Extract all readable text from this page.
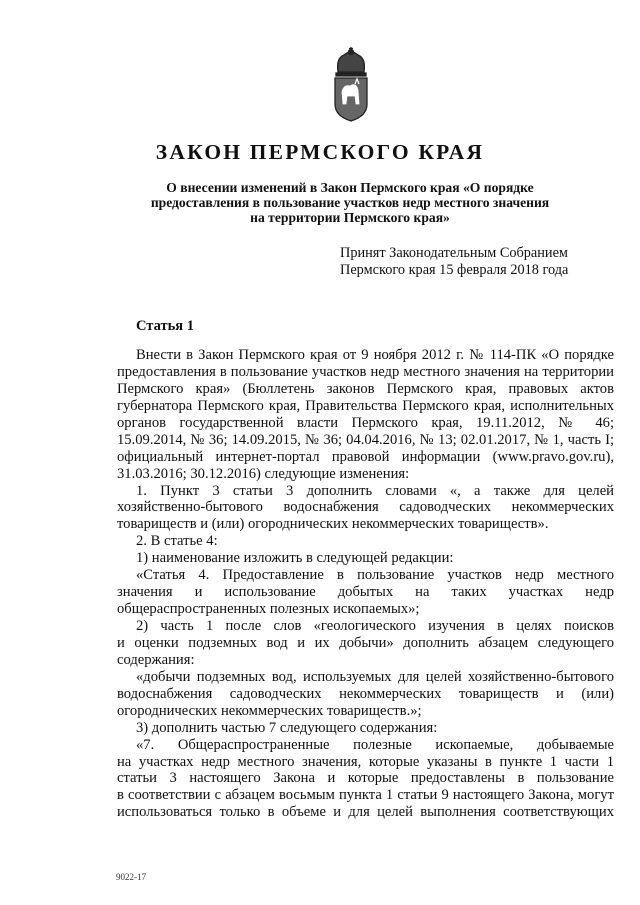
ЗАКОН ПЕРМСКОГО КРАЯ
О внесении изменений в Закон Пермского края «О порядке
предоставления в пользование участков недр местного значения
на территории Пермского края»
Принят Законодательным Собранием
Пермского края 15 февраля 2018 года
Статья 1
Внести в Закон Пермского края от 9 ноября 2012 г. № 114-ПК «О порядке
предоставления в пользование участков недр местного значения на территории
Пермского края» (Бюллетень законов Пермского края, правовых актов
губернатора Пермского края, Правительства Пермского края, исполнительных
органов государственной власти Пермского края, 19.11.2012, № 46;
15.09.2014, № 36; 14.09.2015, № 36; 04.04.2016, № 13; 02.01.2017, № 1, часть I;
официальный интернет-портал правовой информации (www.pravo.gov.ru),
31.03.2016; 30.12.2016) следующие изменения:
1. Пункт 3 статьи 3 дополнить словами «, а также для целей
хозяйственно-бытового водоснабжения садоводческих некоммерческих
товариществ и (или) огороднических некоммерческих товариществ».
2. В статье 4:
1) наименование изложить в следующей редакции:
«Статья 4. Предоставление в пользование участков недр местного
значения и использование добытых на таких участках недр
общераспространенных полезных ископаемых»;
2) часть 1 после слов «геологического изучения в целях поисков
и оценки подземных вод и их добычи» дополнить абзацем следующего
содержания:
«добычи подземных вод, используемых для целей хозяйственно-бытового
водоснабжения садоводческих некоммерческих товариществ и (или)
огороднических некоммерческих товариществ.»;
3) дополнить частью 7 следующего содержания:
«7. Общераспространенные полезные ископаемые, добываемые
на участках недр местного значения, которые указаны в пункте 1 части 1
статьи 3 настоящего Закона и которые предоставлены в пользование
в соответствии с абзацем восьмым пункта 1 статьи 9 настоящего Закона, могут
использоваться только в объеме и для целей выполнения соответствующих
9022-17
